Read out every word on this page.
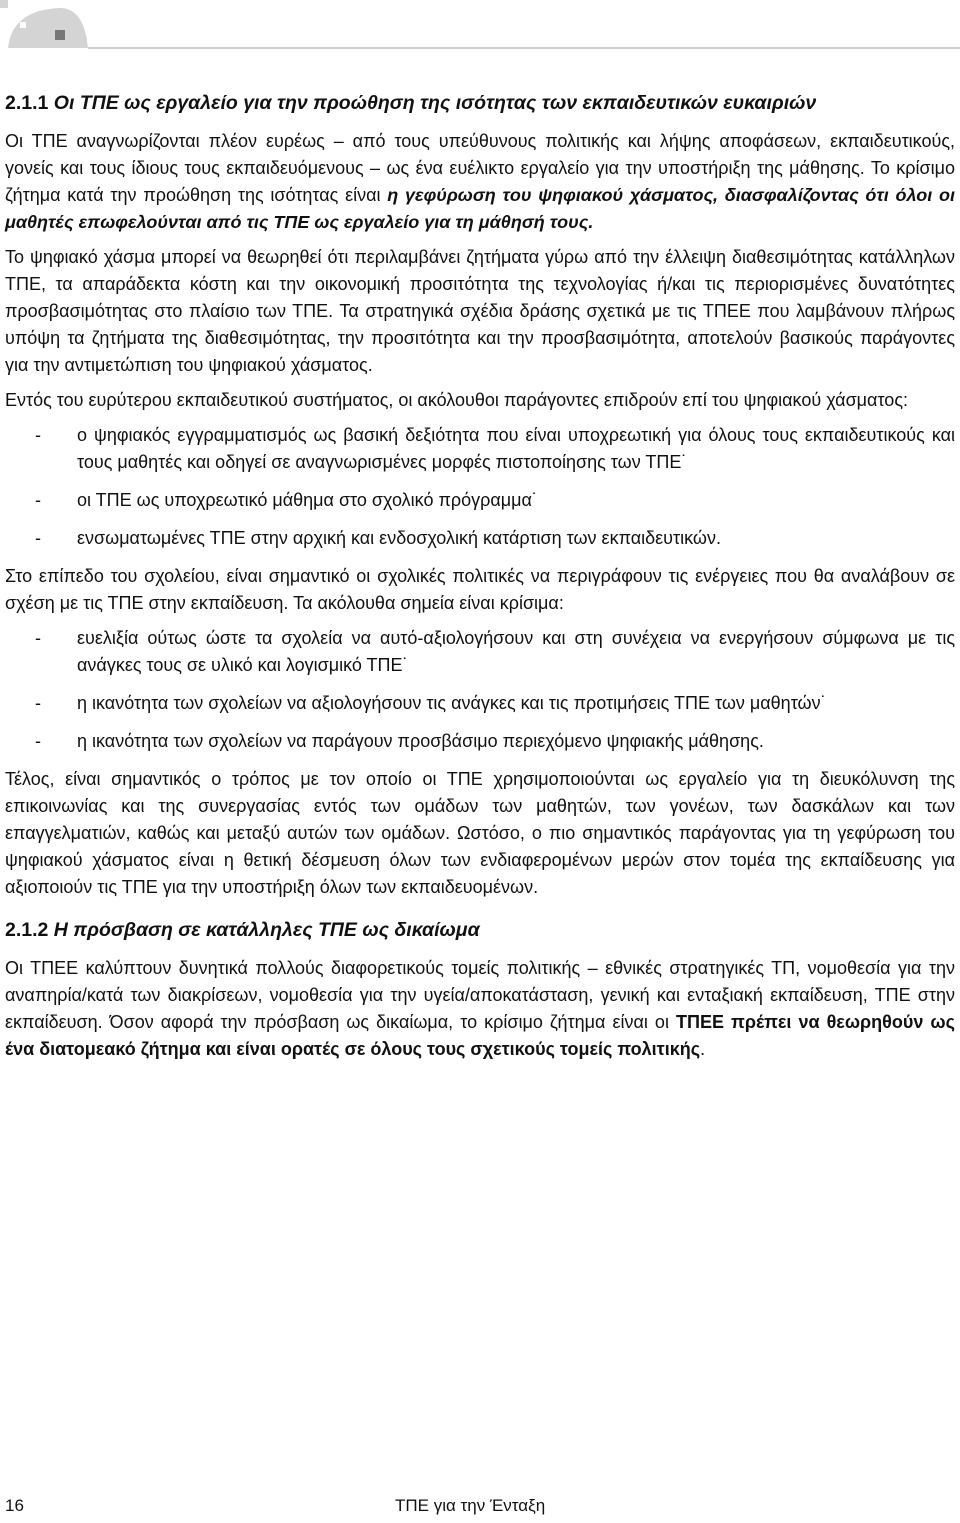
2.1.1 Οι ΤΠΕ ως εργαλείο για την προώθηση της ισότητας των εκπαιδευτικών ευκαιριών

Οι ΤΠΕ αναγνωρίζονται πλέον ευρέως – από τους υπεύθυνους πολιτικής και λήψης αποφάσεων, εκπαιδευτικούς, γονείς και τους ίδιους τους εκπαιδευόμενους – ως ένα ευέλικτο εργαλείο για την υποστήριξη της μάθησης. Το κρίσιμο ζήτημα κατά την προώθηση της ισότητας είναι η γεφύρωση του ψηφιακού χάσματος, διασφαλίζοντας ότι όλοι οι μαθητές επωφελούνται από τις ΤΠΕ ως εργαλείο για τη μάθησή τους.

Το ψηφιακό χάσμα μπορεί να θεωρηθεί ότι περιλαμβάνει ζητήματα γύρω από την έλλειψη διαθεσιμότητας κατάλληλων ΤΠΕ, τα απαράδεκτα κόστη και την οικονομική προσιτότητα της τεχνολογίας ή/και τις περιορισμένες δυνατότητες προσβασιμότητας στο πλαίσιο των ΤΠΕ. Τα στρατηγικά σχέδια δράσης σχετικά με τις ΤΠΕΕ που λαμβάνουν πλήρως υπόψη τα ζητήματα της διαθεσιμότητας, την προσιτότητα και την προσβασιμότητα, αποτελούν βασικούς παράγοντες για την αντιμετώπιση του ψηφιακού χάσματος.

Εντός του ευρύτερου εκπαιδευτικού συστήματος, οι ακόλουθοι παράγοντες επιδρούν επί του ψηφιακού χάσματος:

- ο ψηφιακός εγγραμματισμός ως βασική δεξιότητα που είναι υποχρεωτική για όλους τους εκπαιδευτικούς και τους μαθητές και οδηγεί σε αναγνωρισμένες μορφές πιστοποίησης των ΤΠΕ˙
- οι ΤΠΕ ως υποχρεωτικό μάθημα στο σχολικό πρόγραμμα˙
- ενσωματωμένες ΤΠΕ στην αρχική και ενδοσχολική κατάρτιση των εκπαιδευτικών.

Στο επίπεδο του σχολείου, είναι σημαντικό οι σχολικές πολιτικές να περιγράφουν τις ενέργειες που θα αναλάβουν σε σχέση με τις ΤΠΕ στην εκπαίδευση. Τα ακόλουθα σημεία είναι κρίσιμα:

- ευελιξία ούτως ώστε τα σχολεία να αυτό-αξιολογήσουν και στη συνέχεια να ενεργήσουν σύμφωνα με τις ανάγκες τους σε υλικό και λογισμικό ΤΠΕ˙
- η ικανότητα των σχολείων να αξιολογήσουν τις ανάγκες και τις προτιμήσεις ΤΠΕ των μαθητών˙
- η ικανότητα των σχολείων να παράγουν προσβάσιμο περιεχόμενο ψηφιακής μάθησης.

Τέλος, είναι σημαντικός ο τρόπος με τον οποίο οι ΤΠΕ χρησιμοποιούνται ως εργαλείο για τη διευκόλυνση της επικοινωνίας και της συνεργασίας εντός των ομάδων των μαθητών, των γονέων, των δασκάλων και των επαγγελματιών, καθώς και μεταξύ αυτών των ομάδων. Ωστόσο, ο πιο σημαντικός παράγοντας για τη γεφύρωση του ψηφιακού χάσματος είναι η θετική δέσμευση όλων των ενδιαφερομένων μερών στον τομέα της εκπαίδευσης για αξιοποιούν τις ΤΠΕ για την υποστήριξη όλων των εκπαιδευομένων.

2.1.2 Η πρόσβαση σε κατάλληλες ΤΠΕ ως δικαίωμα

Οι ΤΠΕΕ καλύπτουν δυνητικά πολλούς διαφορετικούς τομείς πολιτικής – εθνικές στρατηγικές ΤΠ, νομοθεσία για την αναπηρία/κατά των διακρίσεων, νομοθεσία για την υγεία/αποκατάσταση, γενική και ενταξιακή εκπαίδευση, ΤΠΕ στην εκπαίδευση. Όσον αφορά την πρόσβαση ως δικαίωμα, το κρίσιμο ζήτημα είναι οι ΤΠΕΕ πρέπει να θεωρηθούν ως ένα διατομεακό ζήτημα και είναι ορατές σε όλους τους σχετικούς τομείς πολιτικής.

16	ΤΠΕ για την Ένταξη
